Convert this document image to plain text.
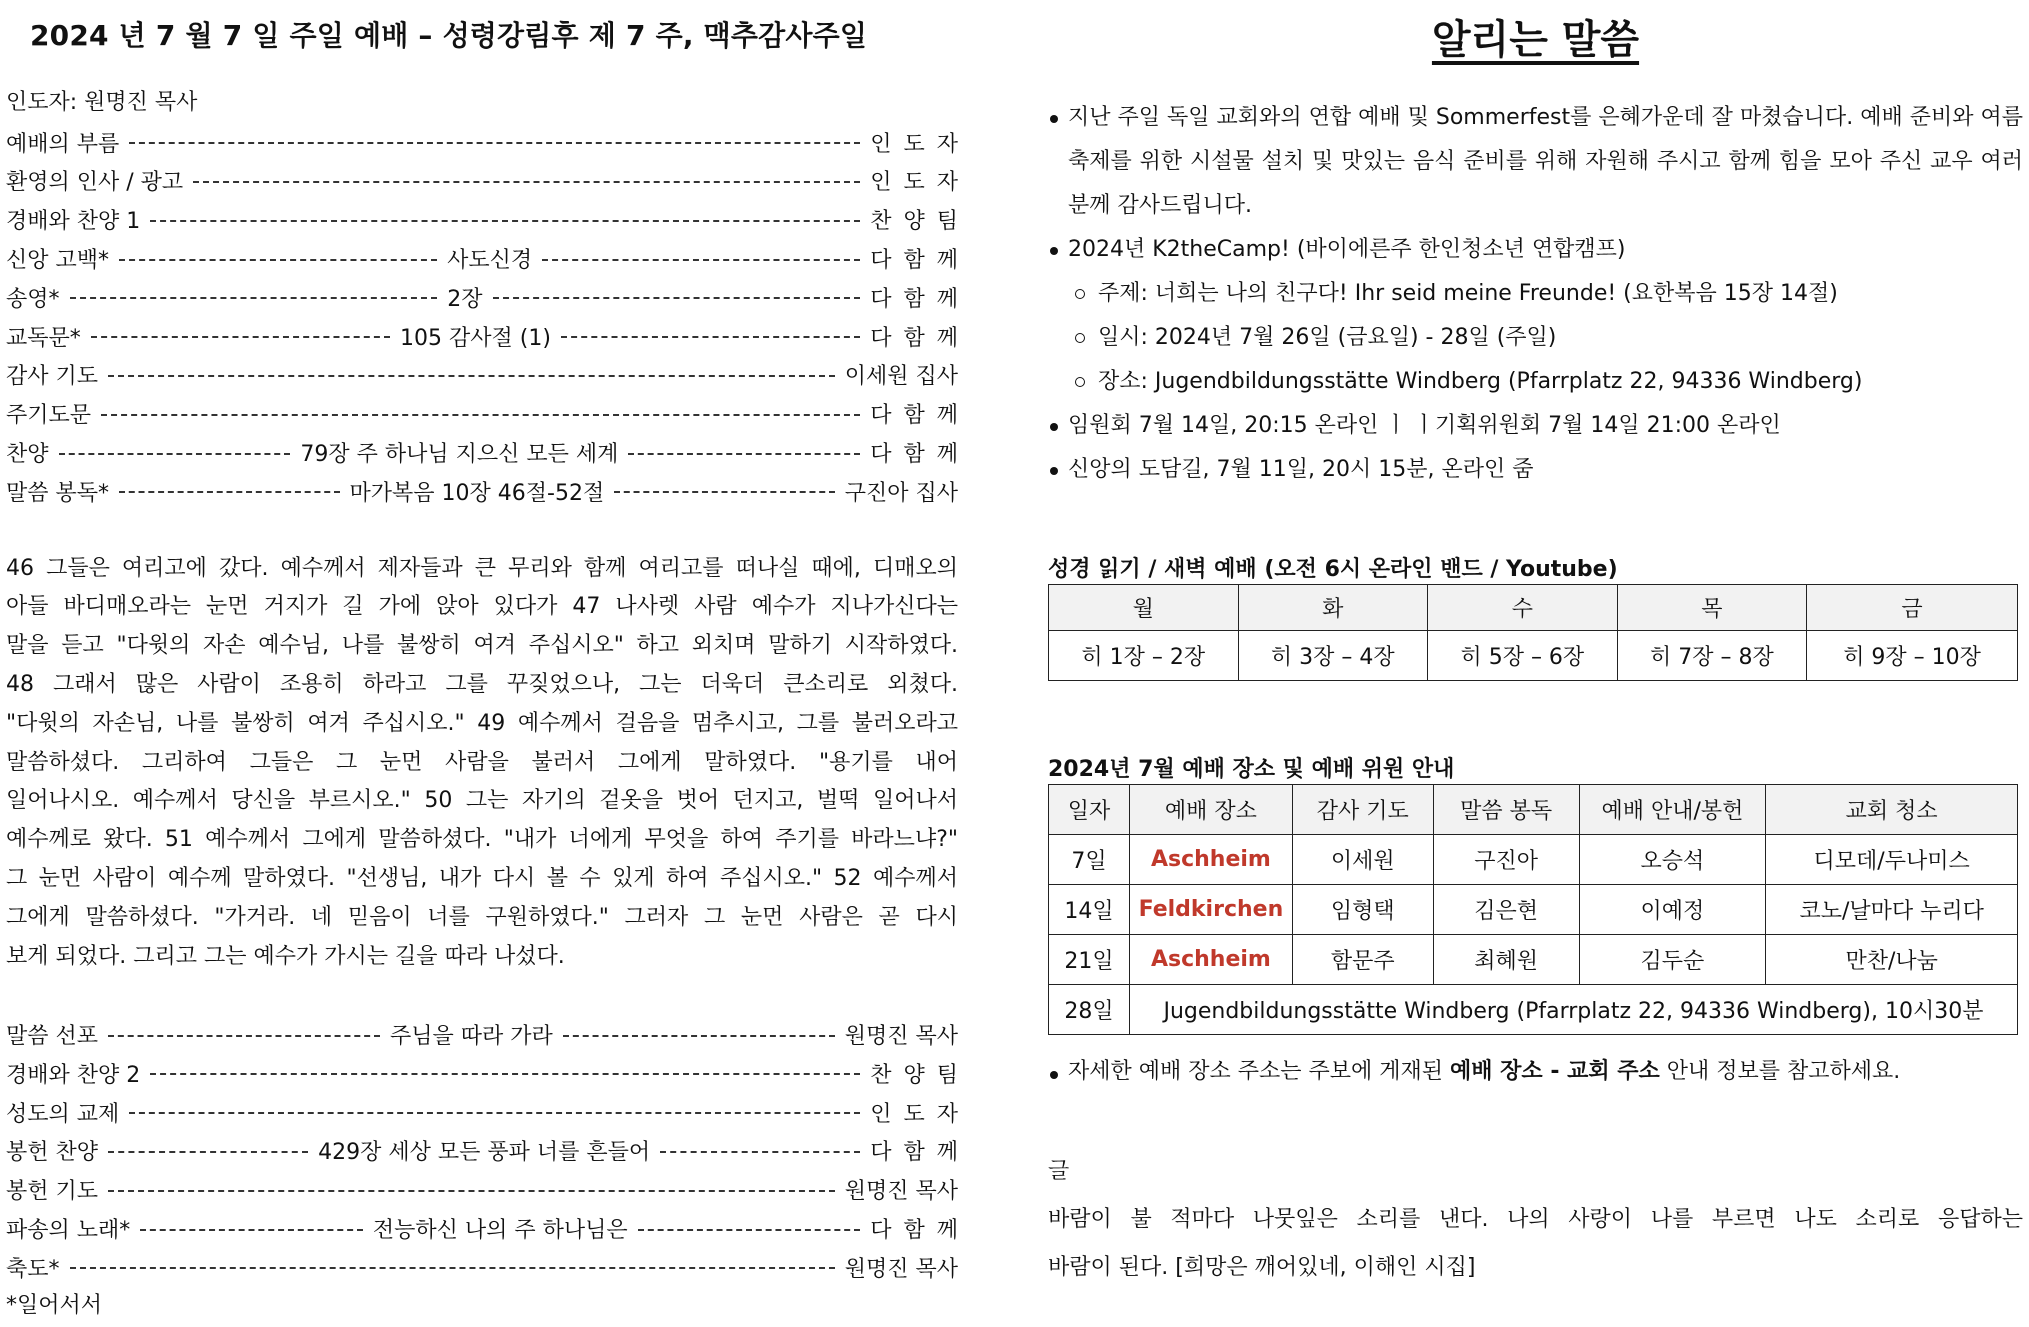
2024 년 7 월 7 일 주일 예배 – 성령강림후 제 7 주, 맥추감사주일
인도자: 원명진 목사
예배의 부름	인도자
환영의 인사 / 광고	인도자
경배와 찬양 1	찬양팀
신앙 고백*	사도신경	다함께
송영*	2장	다함께
교독문*	105 감사절 (1)	다함께
감사 기도	이세원 집사
주기도문	다함께
찬양	79장 주 하나님 지으신 모든 세계	다함께
말씀 봉독*	마가복음 10장 46절-52절	구진아 집사
46 그들은 여리고에 갔다. 예수께서 제자들과 큰 무리와 함께 여리고를 떠나실 때에, 디매오의
아들 바디매오라는 눈먼 거지가 길 가에 앉아 있다가 47 나사렛 사람 예수가 지나가신다는
말을 듣고 "다윗의 자손 예수님, 나를 불쌍히 여겨 주십시오" 하고 외치며 말하기 시작하였다.
48 그래서 많은 사람이 조용히 하라고 그를 꾸짖었으나, 그는 더욱더 큰소리로 외쳤다.
"다윗의 자손님, 나를 불쌍히 여겨 주십시오." 49 예수께서 걸음을 멈추시고, 그를 불러오라고
말씀하셨다. 그리하여 그들은 그 눈먼 사람을 불러서 그에게 말하였다. "용기를 내어
일어나시오. 예수께서 당신을 부르시오." 50 그는 자기의 겉옷을 벗어 던지고, 벌떡 일어나서
예수께로 왔다. 51 예수께서 그에게 말씀하셨다. "내가 너에게 무엇을 하여 주기를 바라느냐?"
그 눈먼 사람이 예수께 말하였다. "선생님, 내가 다시 볼 수 있게 하여 주십시오." 52 예수께서
그에게 말씀하셨다. "가거라. 네 믿음이 너를 구원하였다." 그러자 그 눈먼 사람은 곧 다시
보게 되었다. 그리고 그는 예수가 가시는 길을 따라 나섰다.
말씀 선포	주님을 따라 가라	원명진 목사
경배와 찬양 2	찬양팀
성도의 교제	인도자
봉헌 찬양	429장 세상 모든 풍파 너를 흔들어	다함께
봉헌 기도	원명진 목사
파송의 노래*	전능하신 나의 주 하나님은	다함께
축도*	원명진 목사
*일어서서
알리는 말씀
지난 주일 독일 교회와의 연합 예배 및 Sommerfest를 은혜가운데 잘 마쳤습니다. 예배 준비와 여름 축제를 위한 시설물 설치 및 맛있는 음식 준비를 위해 자원해 주시고 함께 힘을 모아 주신 교우 여러분께 감사드립니다.
2024년 K2theCamp! (바이에른주 한인청소년 연합캠프)
주제: 너희는 나의 친구다! Ihr seid meine Freunde! (요한복음 15장 14절)
일시: 2024년 7월 26일 (금요일) - 28일 (주일)
장소: Jugendbildungsstätte Windberg (Pfarrplatz 22, 94336 Windberg)
임원회 7월 14일, 20:15 온라인 ㅣ ㅣ기획위원회 7월 14일 21:00 온라인
신앙의 도담길, 7월 11일, 20시 15분, 온라인 줌
성경 읽기 / 새벽 예배 (오전 6시 온라인 밴드 / Youtube)
월	화	수	목	금
히 1장 – 2장	히 3장 – 4장	히 5장 – 6장	히 7장 – 8장	히 9장 – 10장
2024년 7월 예배 장소 및 예배 위원 안내
일자	예배 장소	감사 기도	말씀 봉독	예배 안내/봉헌	교회 청소
7일	Aschheim	이세원	구진아	오승석	디모데/두나미스
14일	Feldkirchen	임형택	김은현	이예정	코노/날마다 누리다
21일	Aschheim	함문주	최혜원	김두순	만찬/나눔
28일	Jugendbildungsstätte Windberg (Pfarrplatz 22, 94336 Windberg), 10시30분				
자세한 예배 장소 주소는 주보에 게재된 예배 장소 - 교회 주소 안내 정보를 참고하세요.
글
바람이 불 적마다 나뭇잎은 소리를 낸다. 나의 사랑이 나를 부르면 나도 소리로 응답하는
바람이 된다. [희망은 깨어있네, 이해인 시집]
